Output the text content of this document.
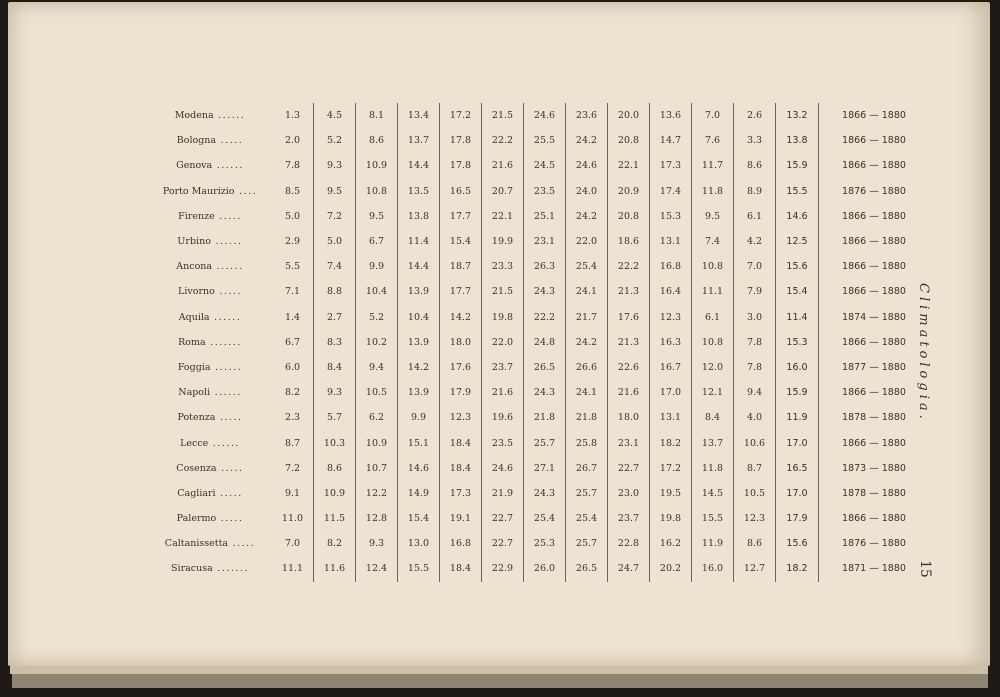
Modena ......	1.3	4.5	8.1	13.4	17.2	21.5	24.6	23.6	20.0	13.6	7.0	2.6	13.2	1866 — 1880
Bologna .....	2.0	5.2	8.6	13.7	17.8	22.2	25.5	24.2	20.8	14.7	7.6	3.3	13.8	1866 — 1880
Genova ......	7.8	9.3	10.9	14.4	17.8	21.6	24.5	24.6	22.1	17.3	11.7	8.6	15.9	1866 — 1880
Porto Maurizio ....	8.5	9.5	10.8	13.5	16.5	20.7	23.5	24.0	20.9	17.4	11.8	8.9	15.5	1876 — 1880
Firenze .....	5.0	7.2	9.5	13.8	17.7	22.1	25.1	24.2	20.8	15.3	9.5	6.1	14.6	1866 — 1880
Urbino ......	2.9	5.0	6.7	11.4	15.4	19.9	23.1	22.0	18.6	13.1	7.4	4.2	12.5	1866 — 1880
Ancona ......	5.5	7.4	9.9	14.4	18.7	23.3	26.3	25.4	22.2	16.8	10.8	7.0	15.6	1866 — 1880
Livorno .....	7.1	8.8	10.4	13.9	17.7	21.5	24.3	24.1	21.3	16.4	11.1	7.9	15.4	1866 — 1880
Aquila ......	1.4	2.7	5.2	10.4	14.2	19.8	22.2	21.7	17.6	12.3	6.1	3.0	11.4	1874 — 1880
Roma .......	6.7	8.3	10.2	13.9	18.0	22.0	24.8	24.2	21.3	16.3	10.8	7.8	15.3	1866 — 1880
Foggia ......	6.0	8.4	9.4	14.2	17.6	23.7	26.5	26.6	22.6	16.7	12.0	7.8	16.0	1877 — 1880
Napoli ......	8.2	9.3	10.5	13.9	17.9	21.6	24.3	24.1	21.6	17.0	12.1	9.4	15.9	1866 — 1880
Potenza .....	2.3	5.7	6.2	9.9	12.3	19.6	21.8	21.8	18.0	13.1	8.4	4.0	11.9	1878 — 1880
Lecce ......	8.7	10.3	10.9	15.1	18.4	23.5	25.7	25.8	23.1	18.2	13.7	10.6	17.0	1866 — 1880
Cosenza .....	7.2	8.6	10.7	14.6	18.4	24.6	27.1	26.7	22.7	17.2	11.8	8.7	16.5	1873 — 1880
Cagliari .....	9.1	10.9	12.2	14.9	17.3	21.9	24.3	25.7	23.0	19.5	14.5	10.5	17.0	1878 — 1880
Palermo .....	11.0	11.5	12.8	15.4	19.1	22.7	25.4	25.4	23.7	19.8	15.5	12.3	17.9	1866 — 1880
Caltanissetta .....	7.0	8.2	9.3	13.0	16.8	22.7	25.3	25.7	22.8	16.2	11.9	8.6	15.6	1876 — 1880
Siracusa .......	11.1	11.6	12.4	15.5	18.4	22.9	26.0	26.5	24.7	20.2	16.0	12.7	18.2	1871 — 1880
Climatologia.
15
